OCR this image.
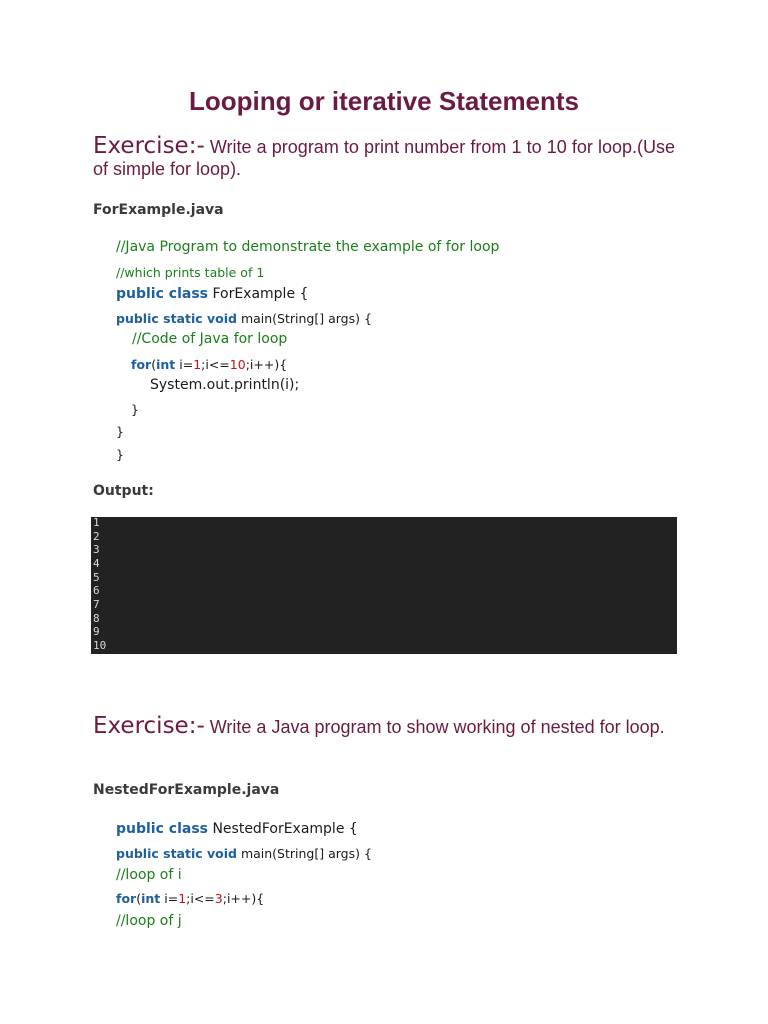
Looping or iterative Statements
Exercise:- Write a program to print number from 1 to 10 for loop.(Use of simple for loop).
ForExample.java
//Java Program to demonstrate the example of for loop
//which prints table of 1
public class ForExample {
public static void main(String[] args) {
//Code of Java for loop
for(int i=1;i<=10;i++){
System.out.println(i);
}
}
}
Output:
1
2
3
4
5
6
7
8
9
10
Exercise:- Write a Java program to show working of nested for loop.
NestedForExample.java
public class NestedForExample {
public static void main(String[] args) {
//loop of i
for(int i=1;i<=3;i++){
//loop of j
